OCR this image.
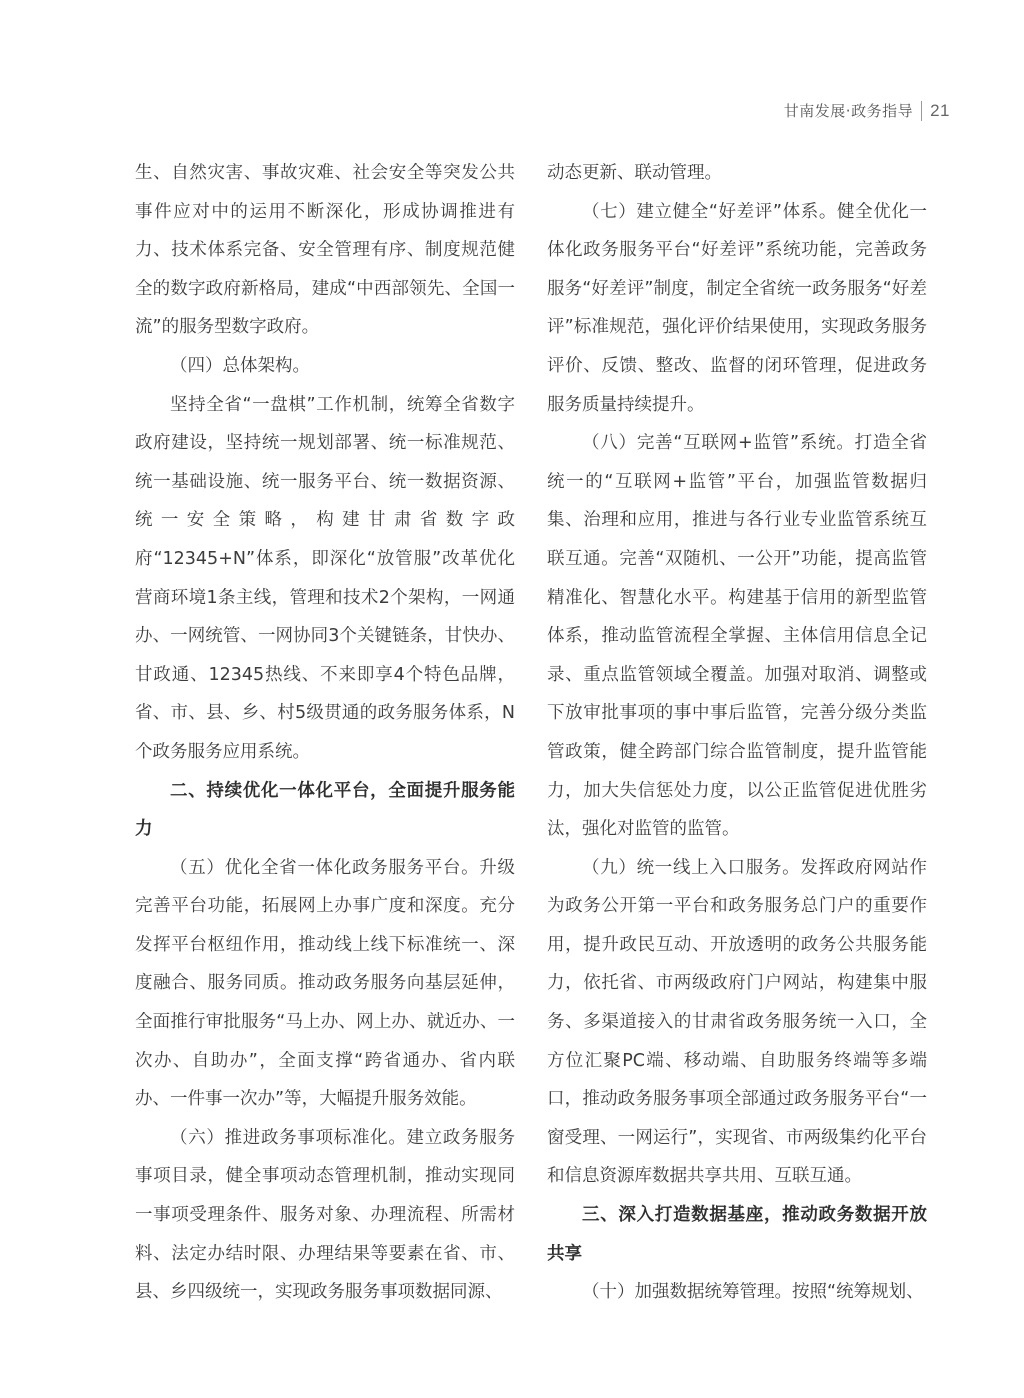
甘南发展·政务指导 21

生、自然灾害、事故灾难、社会安全等突发公共事件应对中的运用不断深化，形成协调推进有力、技术体系完备、安全管理有序、制度规范健全的数字政府新格局，建成“中西部领先、全国一流”的服务型数字政府。

（四）总体架构。

坚持全省“一盘棋”工作机制，统筹全省数字政府建设，坚持统一规划部署、统一标准规范、统一基础设施、统一服务平台、统一数据资源、统一安全策略，构建甘肃省数字政府“12345+N”体系，即深化“放管服”改革优化营商环境1条主线，管理和技术2个架构，一网通办、一网统管、一网协同3个关键链条，甘快办、甘政通、12345热线、不来即享4个特色品牌，省、市、县、乡、村5级贯通的政务服务体系，N个政务服务应用系统。

二、持续优化一体化平台，全面提升服务能力

（五）优化全省一体化政务服务平台。升级完善平台功能，拓展网上办事广度和深度。充分发挥平台枢纽作用，推动线上线下标准统一、深度融合、服务同质。推动政务服务向基层延伸，全面推行审批服务“马上办、网上办、就近办、一次办、自助办”，全面支撑“跨省通办、省内联办、一件事一次办”等，大幅提升服务效能。

（六）推进政务事项标准化。建立政务服务事项目录，健全事项动态管理机制，推动实现同一事项受理条件、服务对象、办理流程、所需材料、法定办结时限、办理结果等要素在省、市、县、乡四级统一，实现政务服务事项数据同源、

动态更新、联动管理。

（七）建立健全“好差评”体系。健全优化一体化政务服务平台“好差评”系统功能，完善政务服务“好差评”制度，制定全省统一政务服务“好差评”标准规范，强化评价结果使用，实现政务服务评价、反馈、整改、监督的闭环管理，促进政务服务质量持续提升。

（八）完善“互联网+监管”系统。打造全省统一的“互联网+监管”平台，加强监管数据归集、治理和应用，推进与各行业专业监管系统互联互通。完善“双随机、一公开”功能，提高监管精准化、智慧化水平。构建基于信用的新型监管体系，推动监管流程全掌握、主体信用信息全记录、重点监管领域全覆盖。加强对取消、调整或下放审批事项的事中事后监管，完善分级分类监管政策，健全跨部门综合监管制度，提升监管能力，加大失信惩处力度，以公正监管促进优胜劣汰，强化对监管的监管。

（九）统一线上入口服务。发挥政府网站作为政务公开第一平台和政务服务总门户的重要作用，提升政民互动、开放透明的政务公共服务能力，依托省、市两级政府门户网站，构建集中服务、多渠道接入的甘肃省政务服务统一入口，全方位汇聚PC端、移动端、自助服务终端等多端口，推动政务服务事项全部通过政务服务平台“一窗受理、一网运行”，实现省、市两级集约化平台和信息资源库数据共享共用、互联互通。

三、深入打造数据基座，推动政务数据开放共享

（十）加强数据统筹管理。按照“统筹规划、
